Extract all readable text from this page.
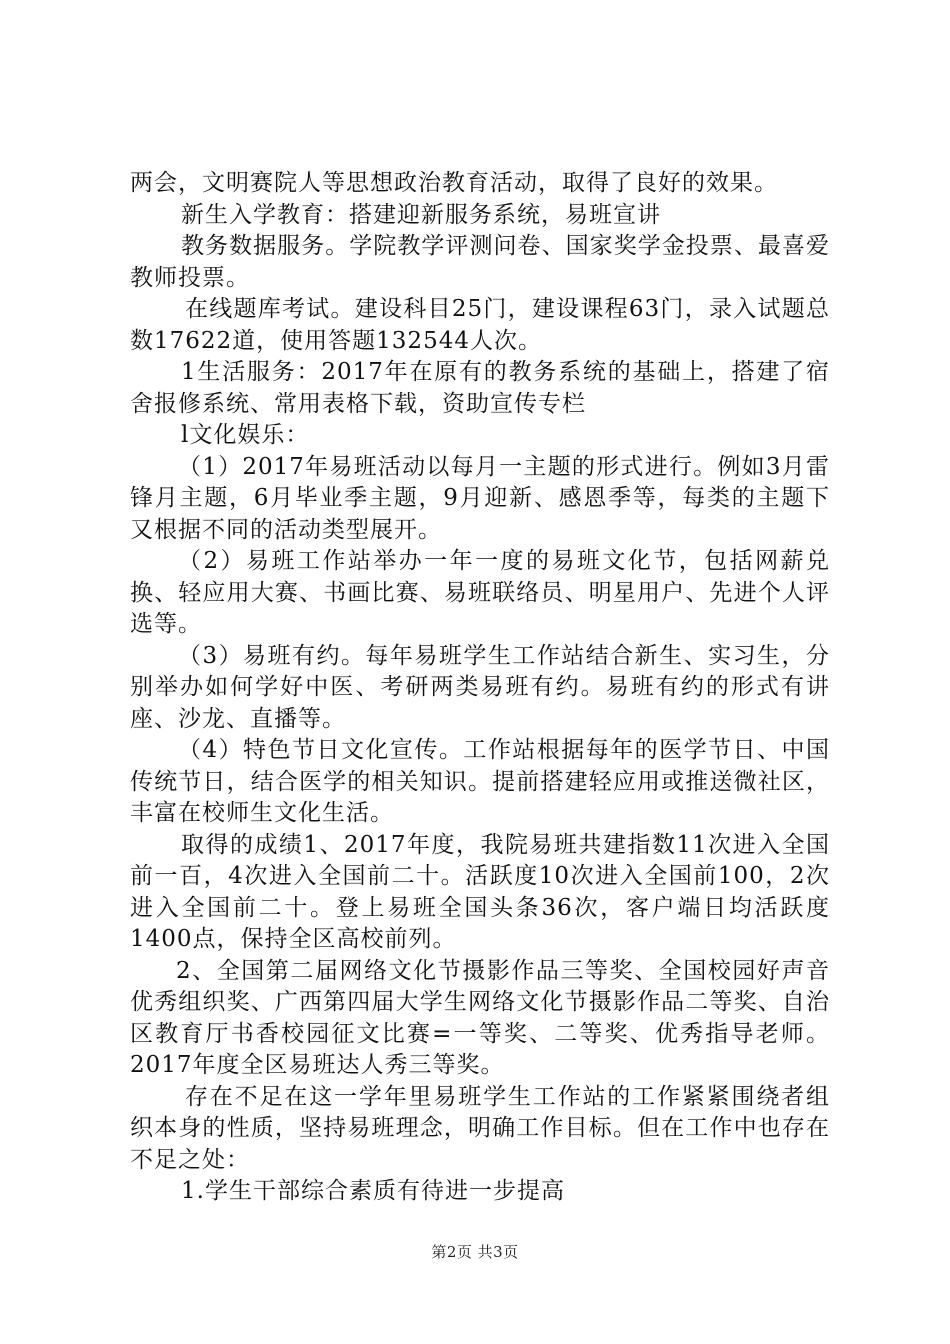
两会，文明赛院人等思想政治教育活动，取得了良好的效果。

新生入学教育：搭建迎新服务系统，易班宣讲

教务数据服务。学院教学评测问卷、国家奖学金投票、最喜爱教师投票。

在线题库考试。建设科目25门，建设课程63门，录入试题总数17622道，使用答题132544人次。

1生活服务：2017年在原有的教务系统的基础上，搭建了宿舍报修系统、常用表格下载，资助宣传专栏

l文化娱乐：

（1）2017年易班活动以每月一主题的形式进行。例如3月雷锋月主题，6月毕业季主题，9月迎新、感恩季等，每类的主题下又根据不同的活动类型展开。

（2）易班工作站举办一年一度的易班文化节，包括网薪兑换、轻应用大赛、书画比赛、易班联络员、明星用户、先进个人评选等。

（3）易班有约。每年易班学生工作站结合新生、实习生，分别举办如何学好中医、考研两类易班有约。易班有约的形式有讲座、沙龙、直播等。

（4）特色节日文化宣传。工作站根据每年的医学节日、中国传统节日，结合医学的相关知识。提前搭建轻应用或推送微社区，丰富在校师生文化生活。

取得的成绩1、2017年度，我院易班共建指数11次进入全国前一百，4次进入全国前二十。活跃度10次进入全国前100，2次进入全国前二十。登上易班全国头条36次，客户端日均活跃度1400点，保持全区高校前列。

2、全国第二届网络文化节摄影作品三等奖、全国校园好声音优秀组织奖、广西第四届大学生网络文化节摄影作品二等奖、自治区教育厅书香校园征文比赛=一等奖、二等奖、优秀指导老师。2017年度全区易班达人秀三等奖。

存在不足在这一学年里易班学生工作站的工作紧紧围绕者组织本身的性质，坚持易班理念，明确工作目标。但在工作中也存在不足之处：

1.学生干部综合素质有待进一步提高

第2页 共3页
